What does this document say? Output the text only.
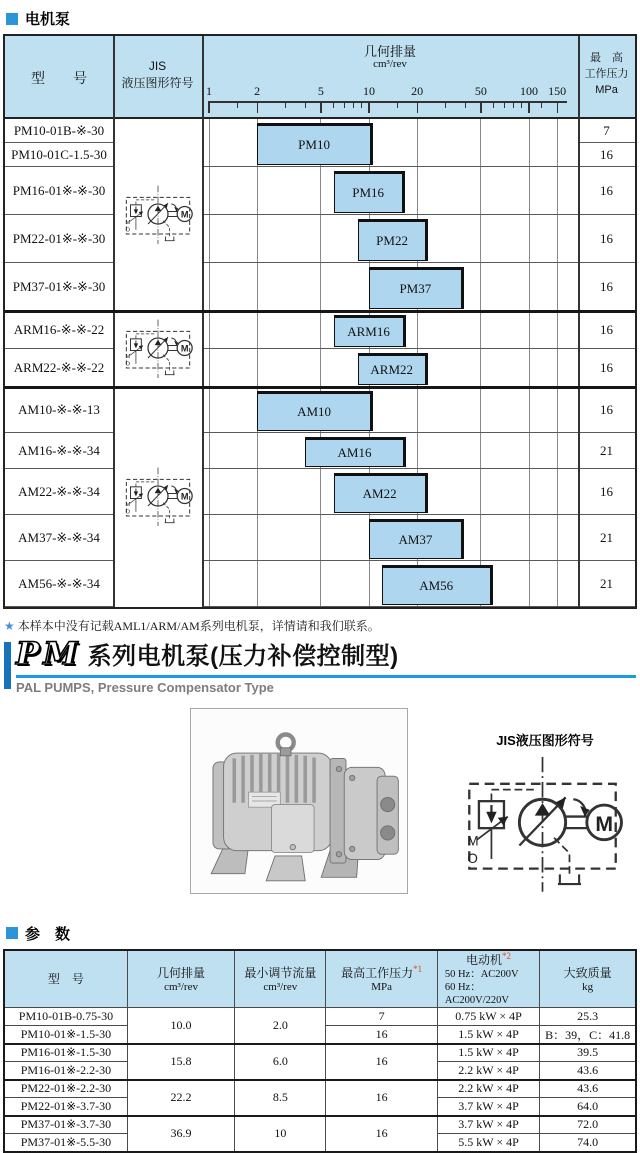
电机泵
型　　号
JIS
液压图形符号
几何排量
cm³/rev
1	2	5	10	20	50	100 150
最　高
工作压力
MPa
PM10-01B-※-30	7
PM10-01C-1.5-30	16
PM16-01※-※-30	16
PM22-01※-※-30	16
PM37-01※-※-30	16
ARM16-※-※-22	16
ARM22-※-※-22	16
AM10-※-※-13	16
AM16-※-※-34	21
AM22-※-※-34	16
AM37-※-※-34	21
AM56-※-※-34	21
PM10
PM16
PM22
PM37
ARM16
ARM22
AM10
AM16
AM22
AM37
AM56
M
M
O
M
M
O
M
M
O
★ 本样本中没有记载AML1/ARM/AM系列电机泵，详情请和我们联系。
PM 系列电机泵(压力补偿控制型)
PAL PUMPS, Pressure Compensator Type
JIS液压图形符号
M
M
O
参　数
型　号	几何排量
cm³/rev

最小调节流量
cm³/rev

最高工作压力$^{*1}$
MPa

电动机$^{*2}$
50 Hz：AC200V
60 Hz：AC200V/220V

大致质量
kg

PM10-01B-0.75-30	10.0	2.0	7	0.75 kW × 4P	25.3
PM10-01※-1.5-30			16	1.5 kW × 4P	B：39，C：41.8
PM16-01※-1.5-30	15.8	6.0	16	1.5 kW × 4P	39.5
PM16-01※-2.2-30				2.2 kW × 4P	43.6
PM22-01※-2.2-30	22.2	8.5	16	2.2 kW × 4P	43.6
PM22-01※-3.7-30				3.7 kW × 4P	64.0
PM37-01※-3.7-30	36.9	10	16	3.7 kW × 4P	72.0
PM37-01※-5.5-30				5.5 kW × 4P	74.0
